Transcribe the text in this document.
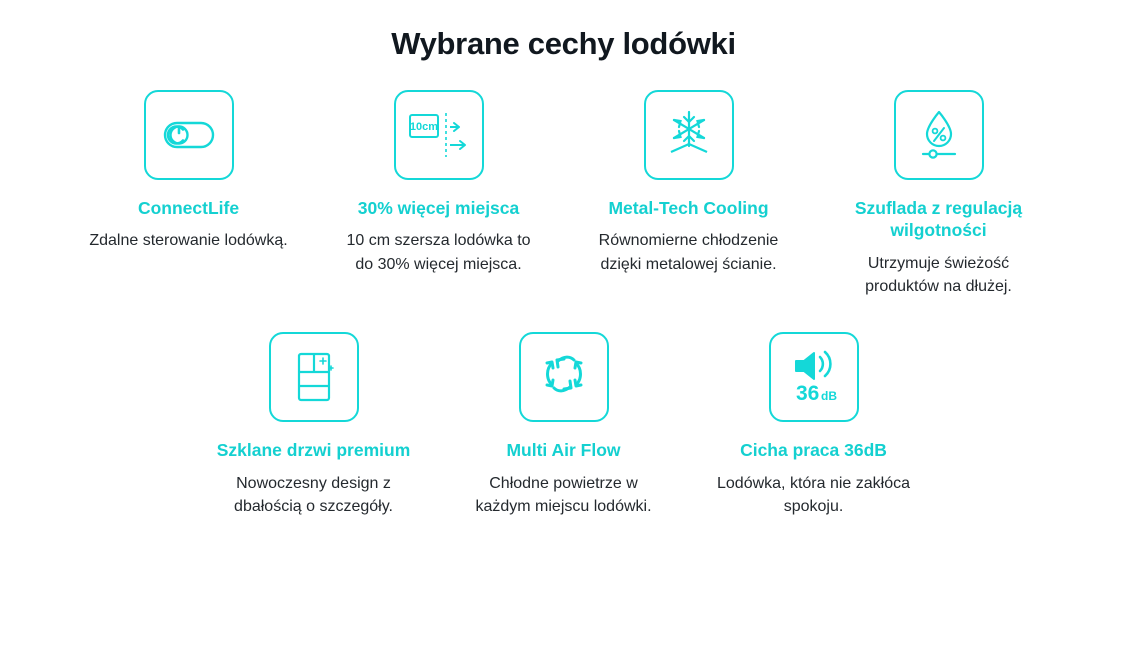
Wybrane cechy lodówki
ConnectLife
Zdalne sterowanie lodówką.
10cm
30% więcej miejsca
10 cm szersza lodówka to do 30% więcej miejsca.
Metal-Tech Cooling
Równomierne chłodzenie dzięki metalowej ścianie.
Szuflada z regulacją wilgotności
Utrzymuje świeżość produktów na dłużej.
Szklane drzwi premium
Nowoczesny design z dbałością o szczegóły.
Multi Air Flow
Chłodne powietrze w każdym miejscu lodówki.
36 dB
Cicha praca 36dB
Lodówka, która nie zakłóca spokoju.
